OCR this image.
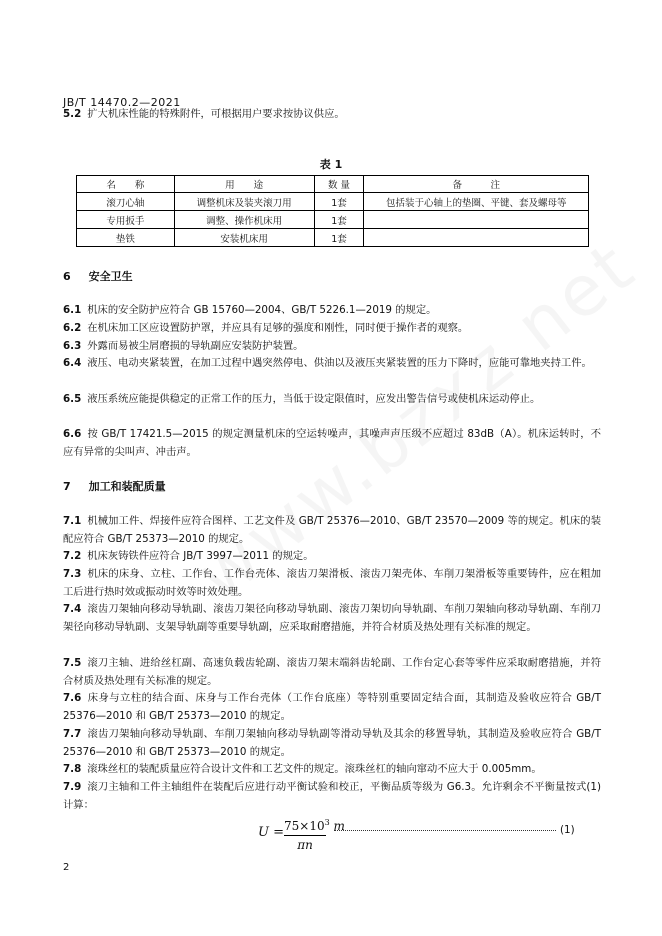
JB/T 14470.2—2021

5.2 扩大机床性能的特殊附件，可根据用户要求按协议供应。

表 1
名　　称	用　　途	数 量	备　　　注
滚刀心轴	调整机床及装夹滚刀用	1套	包括装于心轴上的垫圈、平键、套及螺母等
专用扳手	调整、操作机床用	1套	
垫铁	安装机床用	1套	
6 安全卫生

6.1 机床的安全防护应符合 GB 15760—2004、GB/T 5226.1—2019 的规定。

6.2 在机床加工区应设置防护罩，并应具有足够的强度和刚性，同时便于操作者的观察。

6.3 外露而易被尘屑磨损的导轨副应安装防护装置。

6.4 液压、电动夹紧装置，在加工过程中遇突然停电、供油以及液压夹紧装置的压力下降时，应能可靠地夹持工件。

6.5 液压系统应能提供稳定的正常工作的压力，当低于设定限值时，应发出警告信号或使机床运动停止。

6.6 按 GB/T 17421.5—2015 的规定测量机床的空运转噪声，其噪声声压级不应超过 83dB（A）。机床运转时，不应有异常的尖叫声、冲击声。

7 加工和装配质量

7.1 机械加工件、焊接件应符合图样、工艺文件及 GB/T 25376—2010、GB/T 23570—2009 等的规定。机床的装配应符合 GB/T 25373—2010 的规定。

7.2 机床灰铸铁件应符合 JB/T 3997—2011 的规定。

7.3 机床的床身、立柱、工作台、工作台壳体、滚齿刀架滑板、滚齿刀架壳体、车削刀架滑板等重要铸件，应在粗加工后进行热时效或振动时效等时效处理。

7.4 滚齿刀架轴向移动导轨副、滚齿刀架径向移动导轨副、滚齿刀架切向导轨副、车削刀架轴向移动导轨副、车削刀架径向移动导轨副、支架导轨副等重要导轨副，应采取耐磨措施，并符合材质及热处理有关标准的规定。

7.5 滚刀主轴、进给丝杠副、高速负载齿轮副、滚齿刀架末端斜齿轮副、工作台定心套等零件应采取耐磨措施，并符合材质及热处理有关标准的规定。

7.6 床身与立柱的结合面、床身与工作台壳体（工作台底座）等特别重要固定结合面，其制造及验收应符合 GB/T 25376—2010 和 GB/T 25373—2010 的规定。

7.7 滚齿刀架轴向移动导轨副、车削刀架轴向移动导轨副等滑动导轨及其余的移置导轨，其制造及验收应符合 GB/T 25376—2010 和 GB/T 25373—2010 的规定。

7.8 滚珠丝杠的装配质量应符合设计文件和工艺文件的规定。滚珠丝杠的轴向窜动不应大于 0.005mm。

7.9 滚刀主轴和工件主轴组件在装配后应进行动平衡试验和校正，平衡品质等级为 G6.3。允许剩余不平衡量按式(1)计算：

$U = 75\times 10^3$ m
πn
(1)
2
